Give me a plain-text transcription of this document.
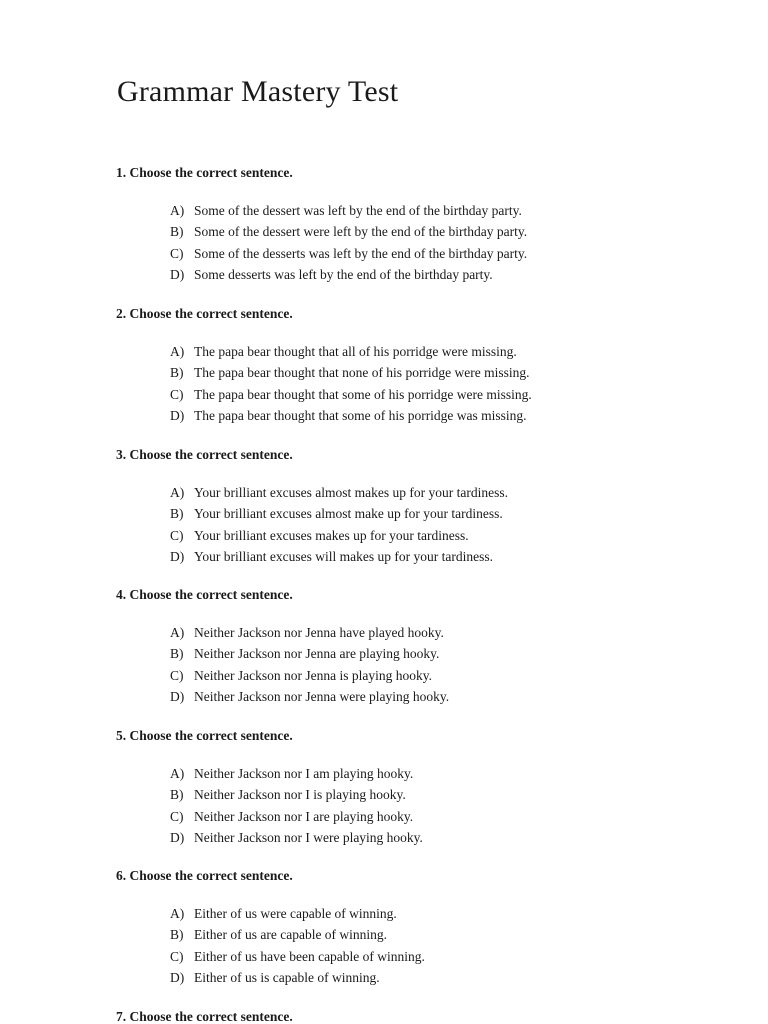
Grammar Mastery Test

1. Choose the correct sentence.

A) Some of the dessert was left by the end of the birthday party.
B) Some of the dessert were left by the end of the birthday party.
C) Some of the desserts was left by the end of the birthday party.
D) Some desserts was left by the end of the birthday party.

2. Choose the correct sentence.

A) The papa bear thought that all of his porridge were missing.
B) The papa bear thought that none of his porridge were missing.
C) The papa bear thought that some of his porridge were missing.
D) The papa bear thought that some of his porridge was missing.

3. Choose the correct sentence.

A) Your brilliant excuses almost makes up for your tardiness.
B) Your brilliant excuses almost make up for your tardiness.
C) Your brilliant excuses makes up for your tardiness.
D) Your brilliant excuses will makes up for your tardiness.

4. Choose the correct sentence.

A) Neither Jackson nor Jenna have played hooky.
B) Neither Jackson nor Jenna are playing hooky.
C) Neither Jackson nor Jenna is playing hooky.
D) Neither Jackson nor Jenna were playing hooky.

5. Choose the correct sentence.

A) Neither Jackson nor I am playing hooky.
B) Neither Jackson nor I is playing hooky.
C) Neither Jackson nor I are playing hooky.
D) Neither Jackson nor I were playing hooky.

6. Choose the correct sentence.

A) Either of us were capable of winning.
B) Either of us are capable of winning.
C) Either of us have been capable of winning.
D) Either of us is capable of winning.

7. Choose the correct sentence.
